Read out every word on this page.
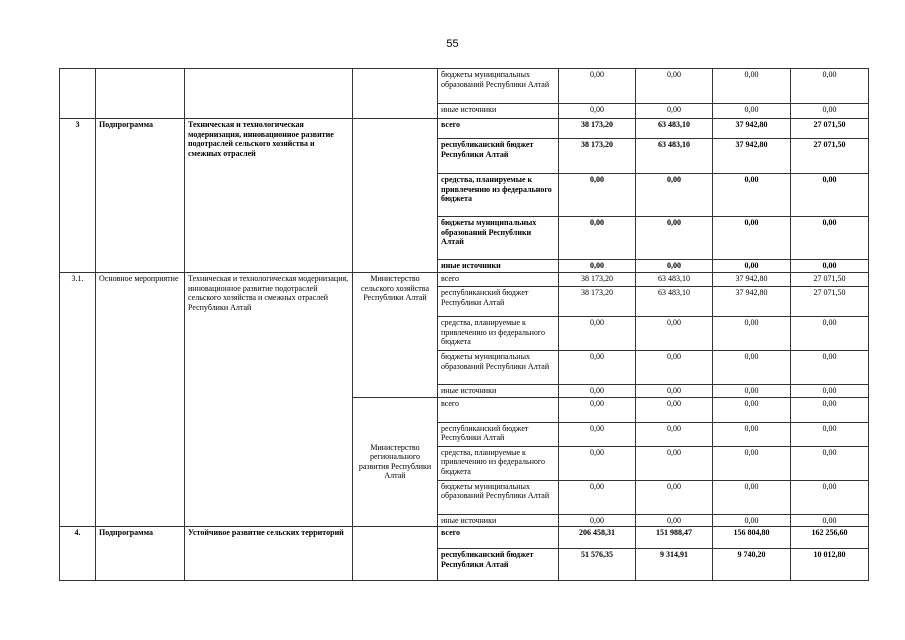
55
				бюджеты муниципальных образований Республики Алтай	0,00	0,00	0,00	0,00
				иные источники	0,00	0,00	0,00	0,00
3	Подпрограмма	Техническая и технологическая модернизация, инновационное развитие подотраслей сельского хозяйства и смежных отраслей		всего	38 173,20	63 483,10	37 942,80	27 071,50
				республиканский бюджет Республики Алтай	38 173,20	63 483,10	37 942,80	27 071,50
				средства, планируемые к привлечению из федерального бюджета	0,00	0,00	0,00	0,00
				бюджеты муниципальных образований Республики Алтай	0,00	0,00	0,00	0,00
				иные источники	0,00	0,00	0,00	0,00
3.1.	Основное мероприятие	Техническая и технологическая модернизация, инновационное развитие подотраслей сельского хозяйства и смежных отраслей Республики Алтай	Министерство сельского хозяйства Республики Алтай	всего	38 173,20	63 483,10	37 942,80	27 071,50
				республиканский бюджет Республики Алтай	38 173,20	63 483,10	37 942,80	27 071,50
				средства, планируемые к привлечению из федерального бюджета	0,00	0,00	0,00	0,00
				бюджеты муниципальных образований Республики Алтай	0,00	0,00	0,00	0,00
				иные источники	0,00	0,00	0,00	0,00
			Министерство регионального развития Республики Алтай	всего	0,00	0,00	0,00	0,00
				республиканский бюджет Республики Алтай	0,00	0,00	0,00	0,00
				средства, планируемые к привлечению из федерального бюджета	0,00	0,00	0,00	0,00
				бюджеты муниципальных образований Республики Алтай	0,00	0,00	0,00	0,00
				иные источники	0,00	0,00	0,00	0,00
4.	Подпрограмма	Устойчивое развитие сельских территорий		всего	206 458,31	151 988,47	156 804,80	162 256,60
				республиканский бюджет Республики Алтай	51 576,35	9 314,91	9 740,20	10 012,80
